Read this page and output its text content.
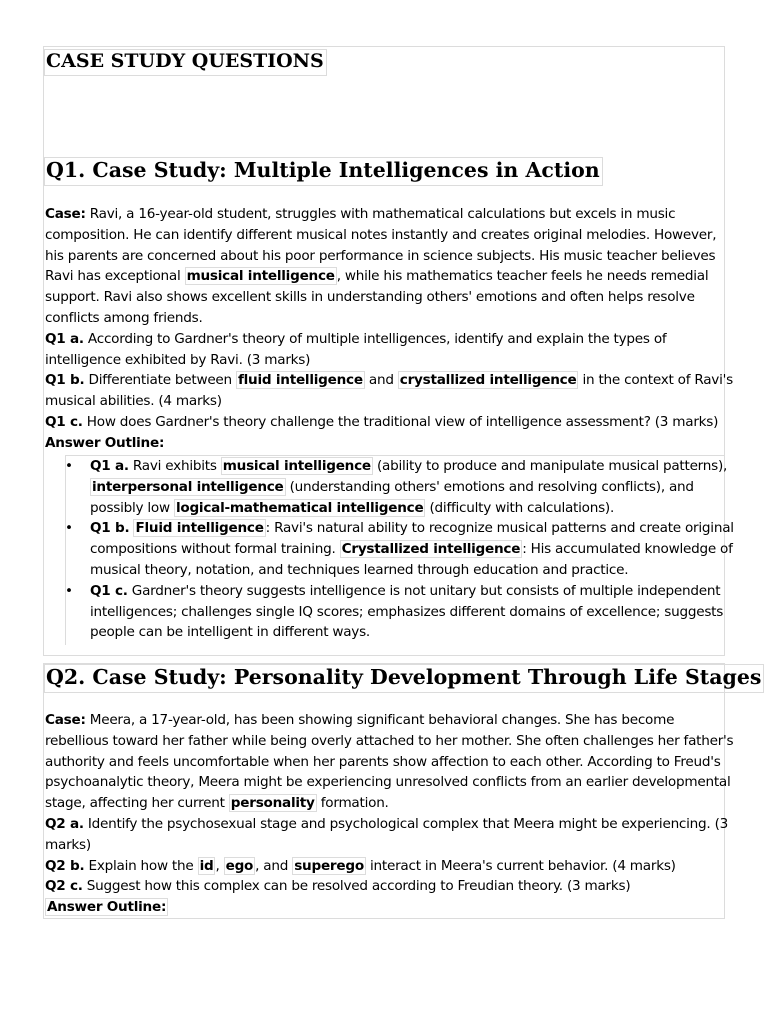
CASE STUDY QUESTIONS
Q1. Case Study: Multiple Intelligences in Action

Case: Ravi, a 16-year-old student, struggles with mathematical calculations but excels in music composition. He can identify different musical notes instantly and creates original melodies. However, his parents are concerned about his poor performance in science subjects. His music teacher believes Ravi has exceptional musical intelligence , while his mathematics teacher feels he needs remedial support. Ravi also shows excellent skills in understanding others' emotions and often helps resolve conflicts among friends.

Q1 a. According to Gardner's theory of multiple intelligences, identify and explain the types of intelligence exhibited by Ravi. (3 marks)

Q1 b. Differentiate between fluid intelligence and crystallized intelligence in the context of Ravi's musical abilities. (4 marks)

Q1 c. How does Gardner's theory challenge the traditional view of intelligence assessment? (3 marks)

Answer Outline:

• Q1 a. Ravi exhibits musical intelligence (ability to produce and manipulate musical patterns), interpersonal intelligence (understanding others' emotions and resolving conflicts), and possibly low logical-mathematical intelligence (difficulty with calculations).
• Q1 b. Fluid intelligence : Ravi's natural ability to recognize musical patterns and create original compositions without formal training. Crystallized intelligence : His accumulated knowledge of musical theory, notation, and techniques learned through education and practice.
• Q1 c. Gardner's theory suggests intelligence is not unitary but consists of multiple independent intelligences; challenges single IQ scores; emphasizes different domains of excellence; suggests people can be intelligent in different ways.
Q2. Case Study: Personality Development Through Life Stages

Case: Meera, a 17-year-old, has been showing significant behavioral changes. She has become rebellious toward her father while being overly attached to her mother. She often challenges her father's authority and feels uncomfortable when her parents show affection to each other. According to Freud's psychoanalytic theory, Meera might be experiencing unresolved conflicts from an earlier developmental stage, affecting her current personality formation.

Q2 a. Identify the psychosexual stage and psychological complex that Meera might be experiencing. (3 marks)

Q2 b. Explain how the id , ego , and superego interact in Meera's current behavior. (4 marks)

Q2 c. Suggest how this complex can be resolved according to Freudian theory. (3 marks)

Answer Outline:
